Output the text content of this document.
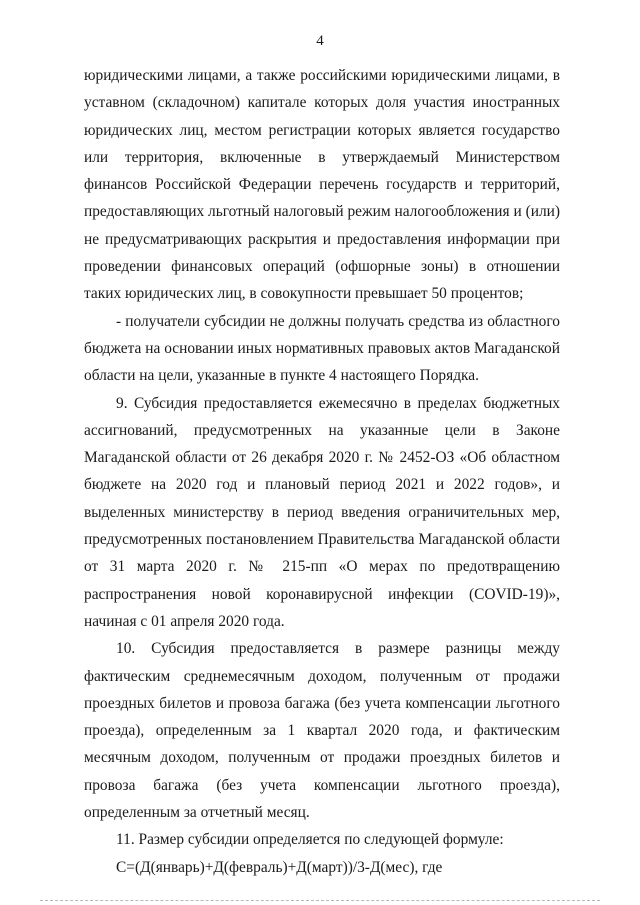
4

юридическими лицами, а также российскими юридическими лицами, в уставном (складочном) капитале которых доля участия иностранных юридических лиц, местом регистрации которых является государство или территория, включенные в утверждаемый Министерством финансов Российской Федерации перечень государств и территорий, предоставляющих льготный налоговый режим налогообложения и (или) не предусматривающих раскрытия и предоставления информации при проведении финансовых операций (офшорные зоны) в отношении таких юридических лиц, в совокупности превышает 50 процентов;

- получатели субсидии не должны получать средства из областного бюджета на основании иных нормативных правовых актов Магаданской области на цели, указанные в пункте 4 настоящего Порядка.

9. Субсидия предоставляется ежемесячно в пределах бюджетных ассигнований, предусмотренных на указанные цели в Законе Магаданской области от 26 декабря 2020 г. № 2452-ОЗ «Об областном бюджете на 2020 год и плановый период 2021 и 2022 годов», и выделенных министерству в период введения ограничительных мер, предусмотренных постановлением Правительства Магаданской области от 31 марта 2020 г. № 215-пп «О мерах по предотвращению распространения новой коронавирусной инфекции (COVID-19)», начиная с 01 апреля 2020 года.

10. Субсидия предоставляется в размере разницы между фактическим среднемесячным доходом, полученным от продажи проездных билетов и провоза багажа (без учета компенсации льготного проезда), определенным за 1 квартал 2020 года, и фактическим месячным доходом, полученным от продажи проездных билетов и провоза багажа (без учета компенсации льготного проезда), определенным за отчетный месяц.

11. Размер субсидии определяется по следующей формуле:

С=(Д(январь)+Д(февраль)+Д(март))/3-Д(мес), где
